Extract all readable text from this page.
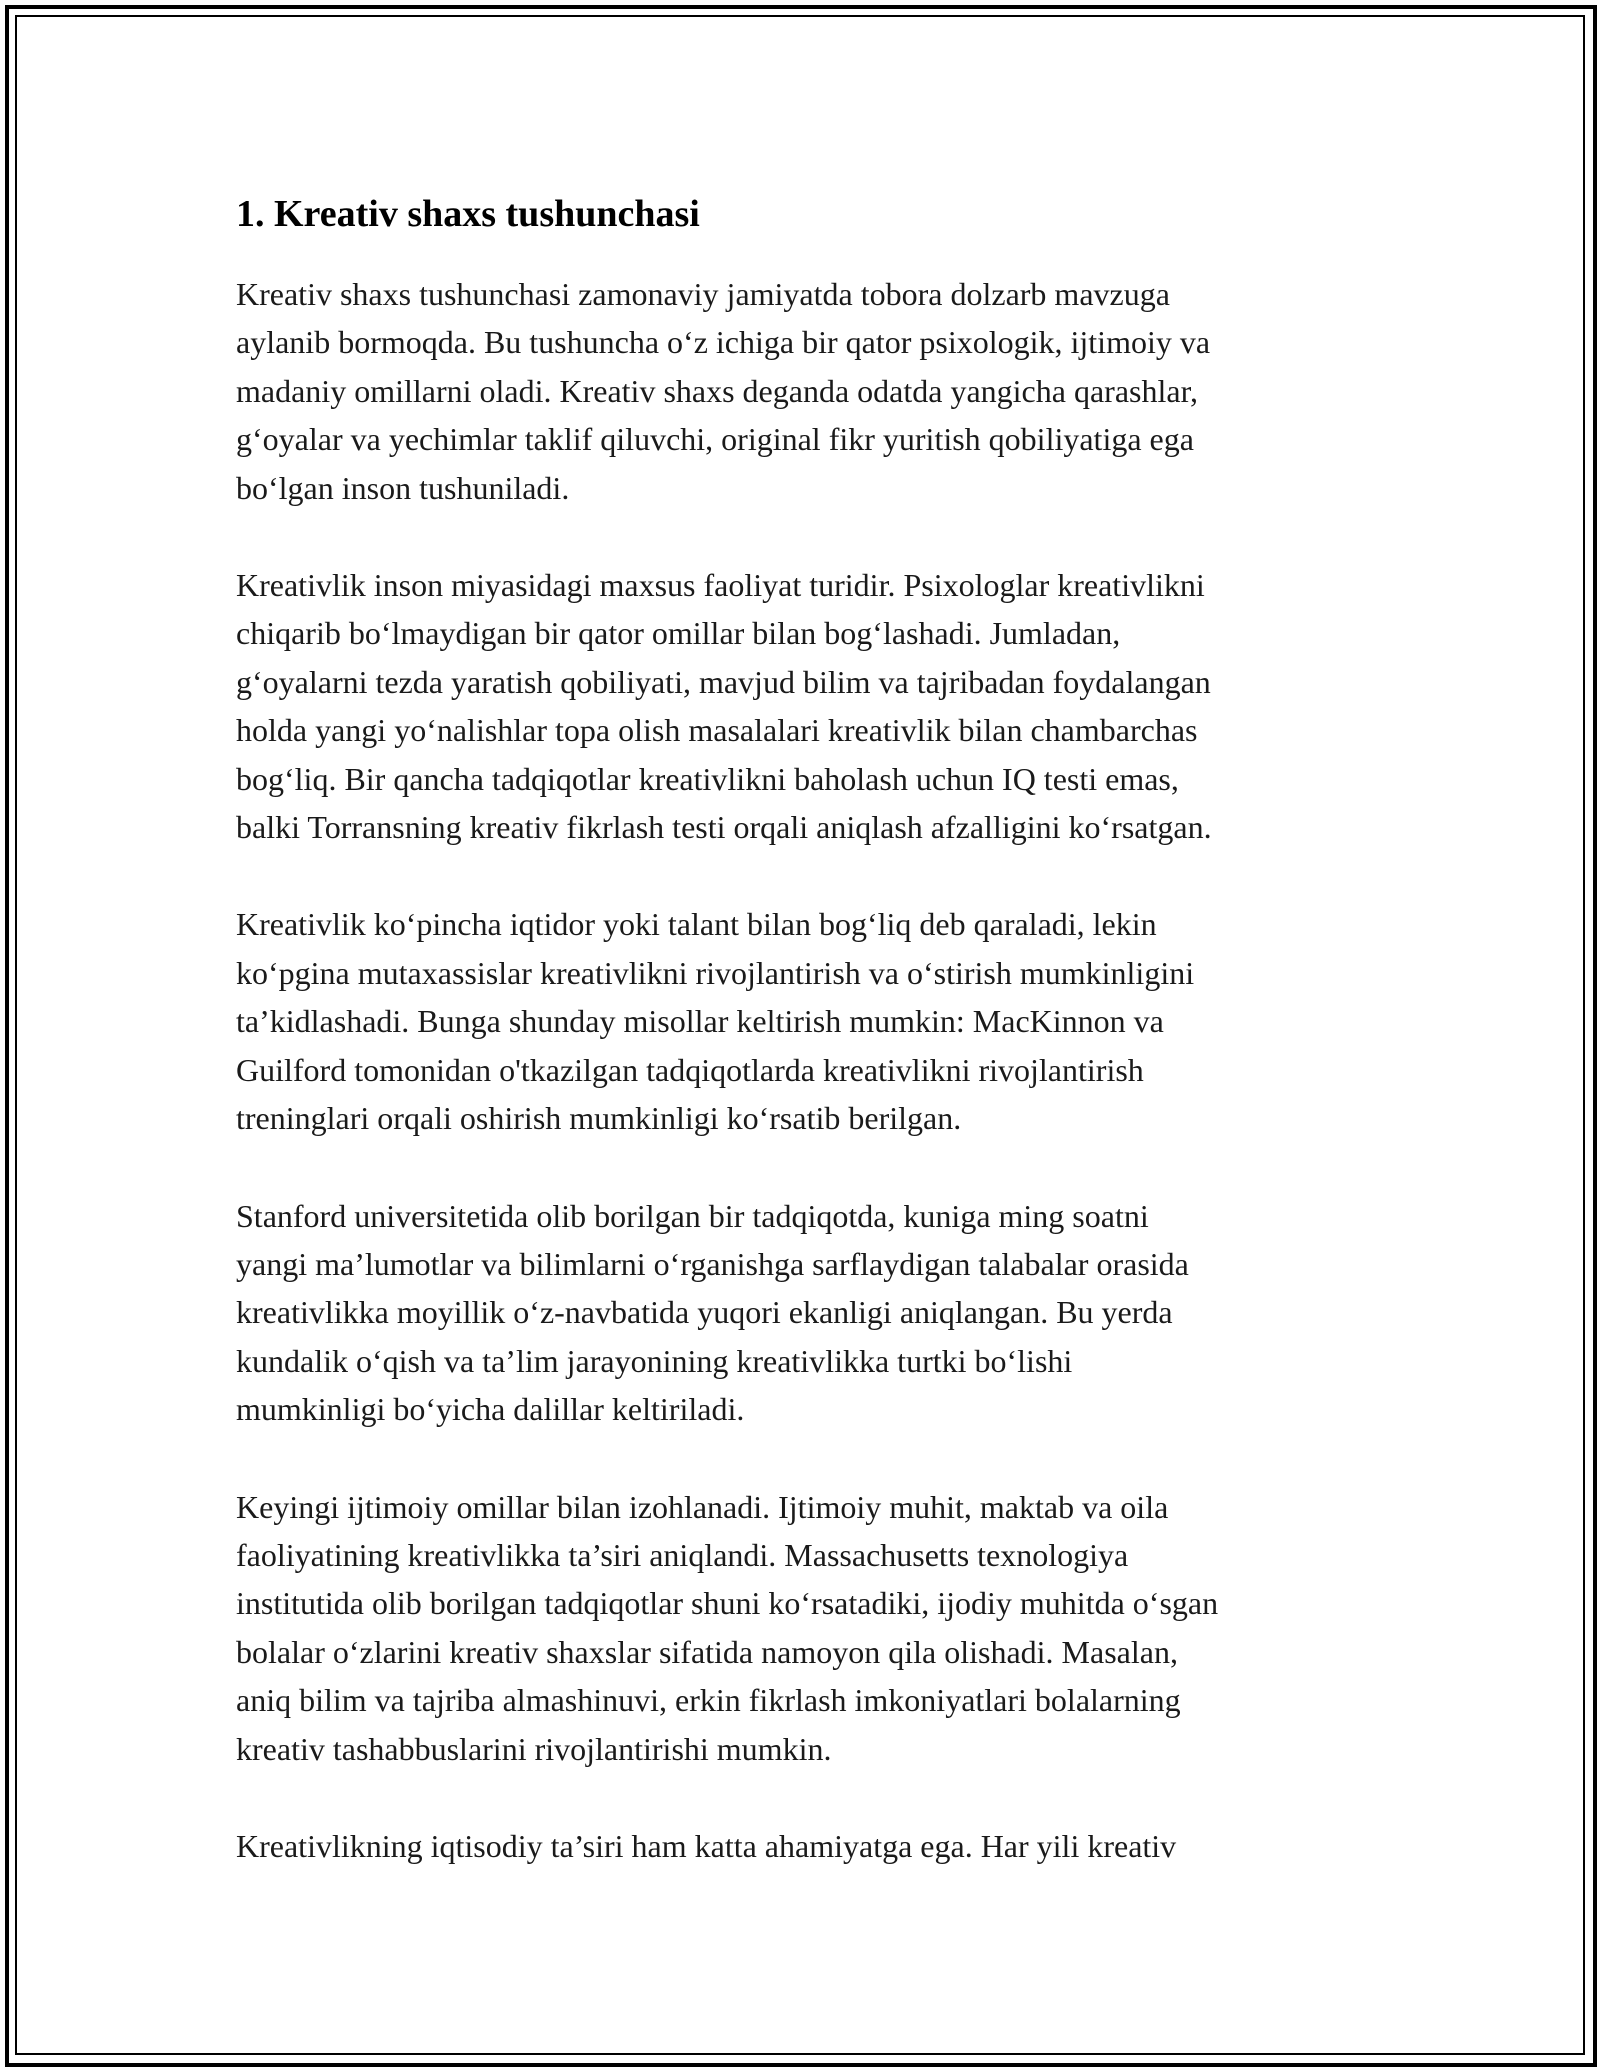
1. Kreativ shaxs tushunchasi

Kreativ shaxs tushunchasi zamonaviy jamiyatda tobora dolzarb mavzuga
aylanib bormoqda. Bu tushuncha o‘z ichiga bir qator psixologik, ijtimoiy va
madaniy omillarni oladi. Kreativ shaxs deganda odatda yangicha qarashlar,
g‘oyalar va yechimlar taklif qiluvchi, original fikr yuritish qobiliyatiga ega
bo‘lgan inson tushuniladi.

Kreativlik inson miyasidagi maxsus faoliyat turidir. Psixologlar kreativlikni
chiqarib bo‘lmaydigan bir qator omillar bilan bog‘lashadi. Jumladan,
g‘oyalarni tezda yaratish qobiliyati, mavjud bilim va tajribadan foydalangan
holda yangi yo‘nalishlar topa olish masalalari kreativlik bilan chambarchas
bog‘liq. Bir qancha tadqiqotlar kreativlikni baholash uchun IQ testi emas,
balki Torransning kreativ fikrlash testi orqali aniqlash afzalligini ko‘rsatgan.

Kreativlik ko‘pincha iqtidor yoki talant bilan bog‘liq deb qaraladi, lekin
ko‘pgina mutaxassislar kreativlikni rivojlantirish va o‘stirish mumkinligini
ta’kidlashadi. Bunga shunday misollar keltirish mumkin: MacKinnon va
Guilford tomonidan o'tkazilgan tadqiqotlarda kreativlikni rivojlantirish
treninglari orqali oshirish mumkinligi ko‘rsatib berilgan.

Stanford universitetida olib borilgan bir tadqiqotda, kuniga ming soatni
yangi ma’lumotlar va bilimlarni o‘rganishga sarflaydigan talabalar orasida
kreativlikka moyillik o‘z-navbatida yuqori ekanligi aniqlangan. Bu yerda
kundalik o‘qish va ta’lim jarayonining kreativlikka turtki bo‘lishi
mumkinligi bo‘yicha dalillar keltiriladi.

Keyingi ijtimoiy omillar bilan izohlanadi. Ijtimoiy muhit, maktab va oila
faoliyatining kreativlikka ta’siri aniqlandi. Massachusetts texnologiya
institutida olib borilgan tadqiqotlar shuni ko‘rsatadiki, ijodiy muhitda o‘sgan
bolalar o‘zlarini kreativ shaxslar sifatida namoyon qila olishadi. Masalan,
aniq bilim va tajriba almashinuvi, erkin fikrlash imkoniyatlari bolalarning
kreativ tashabbuslarini rivojlantirishi mumkin.

Kreativlikning iqtisodiy ta’siri ham katta ahamiyatga ega. Har yili kreativ
